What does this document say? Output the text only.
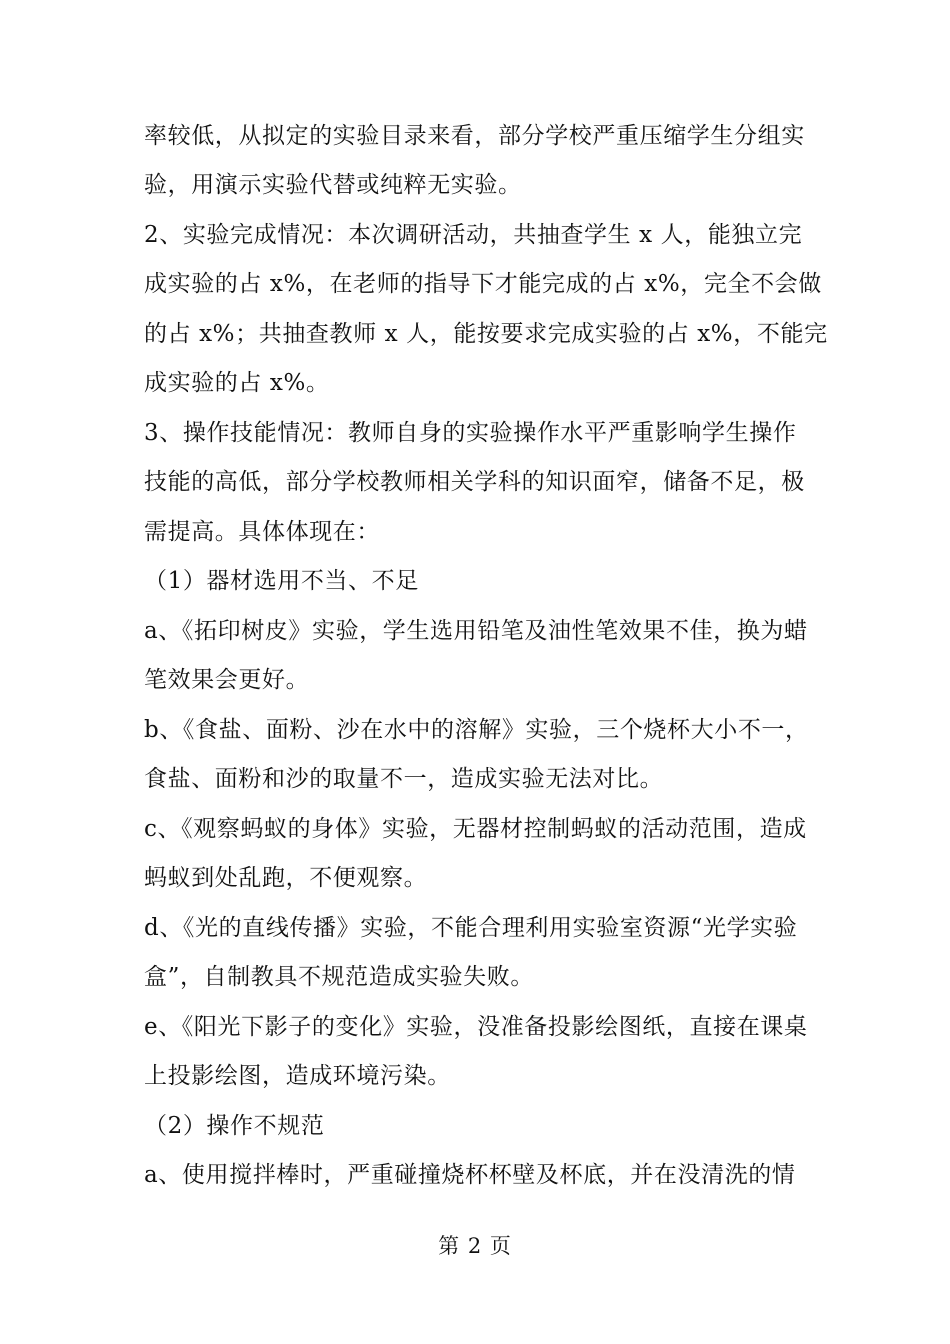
率较低，从拟定的实验目录来看，部分学校严重压缩学生分组实
验，用演示实验代替或纯粹无实验。
2、实验完成情况：本次调研活动，共抽查学生 x 人，能独立完
成实验的占 x%，在老师的指导下才能完成的占 x%，完全不会做
的占 x%；共抽查教师 x 人，能按要求完成实验的占 x%，不能完
成实验的占 x%。
3、操作技能情况：教师自身的实验操作水平严重影响学生操作
技能的高低，部分学校教师相关学科的知识面窄，储备不足，极
需提高。具体体现在：
（1）器材选用不当、不足
a、《拓印树皮》实验，学生选用铅笔及油性笔效果不佳，换为蜡
笔效果会更好。
b、《食盐、面粉、沙在水中的溶解》实验，三个烧杯大小不一，
食盐、面粉和沙的取量不一，造成实验无法对比。
c、《观察蚂蚁的身体》实验，无器材控制蚂蚁的活动范围，造成
蚂蚁到处乱跑，不便观察。
d、《光的直线传播》实验，不能合理利用实验室资源“光学实验
盒”，自制教具不规范造成实验失败。
e、《阳光下影子的变化》实验，没准备投影绘图纸，直接在课桌
上投影绘图，造成环境污染。
（2）操作不规范
a、使用搅拌棒时，严重碰撞烧杯杯壁及杯底，并在没清洗的情
第 2 页
